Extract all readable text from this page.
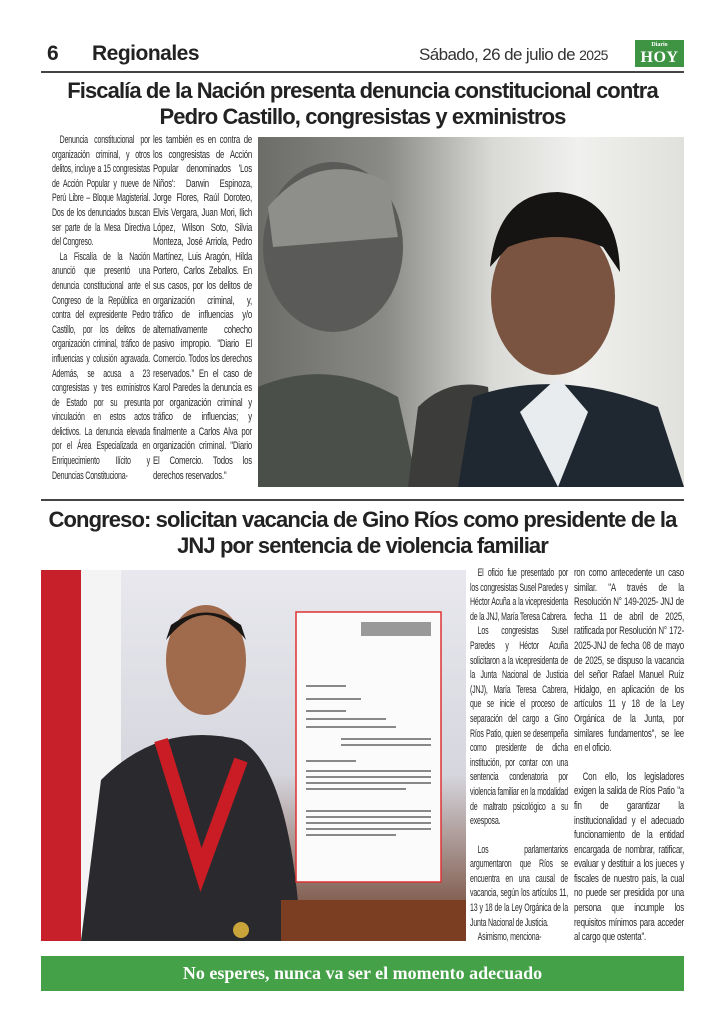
6 Regionales	Sábado, 26 de julio de 2025
Diario
HOY
Fiscalía de la Nación presenta denuncia constitucional contra
Pedro Castillo, congresistas y exministros

Denuncia constitucional por organización criminal, y otros delitos, incluye a 15 congresistas de Acción Popular y nueve de Perú Libre – Bloque Magisterial. Dos de los denunciados buscan ser parte de la Mesa Directiva del Congreso.

La Fiscalía de la Nación anunció que presentó una denuncia constitucional ante el Congreso de la República en contra del expresidente Pedro Castillo, por los delitos de organización criminal, tráfico de influencias y colusión agravada. Además, se acusa a 23 congresistas y tres exministros de Estado por su presunta vinculación en estos actos delictivos. La denuncia elevada por el Área Especializada en Enriquecimiento Ilícito y Denuncias Constituciona-

les también es en contra de los congresistas de Acción Popular denominados 'Los Niños': Darwin Espinoza, Jorge Flores, Raúl Doroteo, Elvis Vergara, Juan Mori, Ilich López, Wilson Soto, Silvia Monteza, José Arriola, Pedro Martínez, Luis Aragón, Hilda Portero, Carlos Zeballos. En sus casos, por los delitos de organización criminal, y, tráfico de influencias y/o alternativamente cohecho pasivo impropio. "Diario El Comercio. Todos los derechos reservados." En el caso de Karol Paredes la denuncia es por organización criminal y tráfico de influencias; y finalmente a Carlos Alva por organización criminal. "Diario El Comercio. Todos los derechos reservados."

Congreso: solicitan vacancia de Gino Ríos como presidente de la
JNJ por sentencia de violencia familiar

El oficio fue presentado por los congresistas Susel Paredes y Héctor Acuña a la vicepresidenta de la JNJ, María Teresa Cabrera.

Los congresistas Susel Paredes y Héctor Acuña solicitaron a la vicepresidenta de la Junta Nacional de Justicia (JNJ), María Teresa Cabrera, que se inicie el proceso de separación del cargo a Gino Ríos Patio, quien se desempeña como presidente de dicha institución, por contar con una sentencia condenatoria por violencia familiar en la modalidad de maltrato psicológico a su exesposa.

Los parlamentarios argumentaron que Ríos se encuentra en una causal de vacancia, según los artículos 11, 13 y 18 de la Ley Orgánica de la Junta Nacional de Justicia.

Asimismo, menciona-

ron como antecedente un caso similar. "A través de la Resolución N° 149-2025- JNJ de fecha 11 de abril de 2025, ratificada por Resolución N° 172-2025-JNJ de fecha 08 de mayo de 2025, se dispuso la vacancia del señor Rafael Manuel Ruíz Hidalgo, en aplicación de los artículos 11 y 18 de la Ley Orgánica de la Junta, por similares fundamentos", se lee en el oficio.

Con ello, los legisladores exigen la salida de Ríos Patio "a fin de garantizar la institucionalidad y el adecuado funcionamiento de la entidad encargada de nombrar, ratificar, evaluar y destituir a los jueces y fiscales de nuestro país, la cual no puede ser presidida por una persona que incumple los requisitos mínimos para acceder al cargo que ostenta".

No esperes, nunca va ser el momento adecuado
